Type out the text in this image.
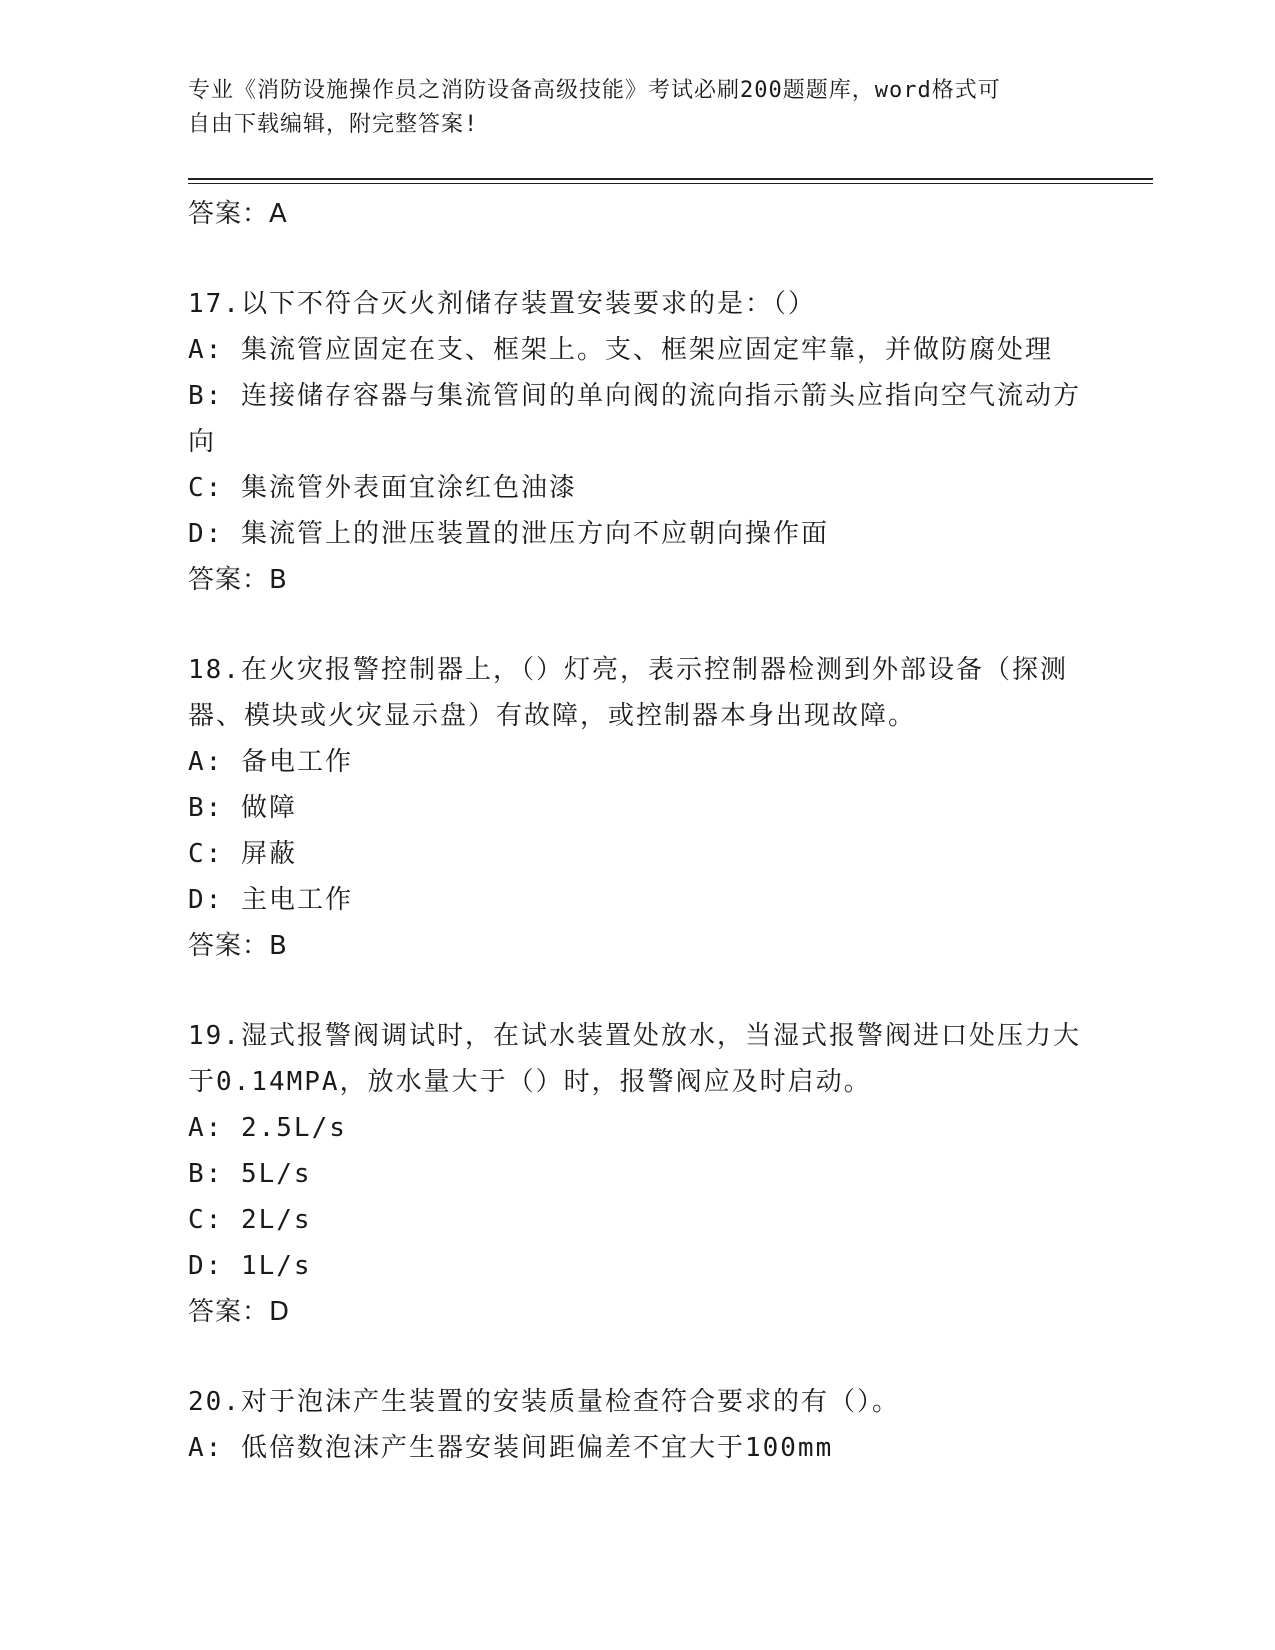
专业《消防设施操作员之消防设备高级技能》考试必刷200题题库，word格式可
自由下载编辑，附完整答案!
答案：A
17.以下不符合灭火剂储存装置安装要求的是：（）
A: 集流管应固定在支、框架上。支、框架应固定牢靠，并做防腐处理
B: 连接储存容器与集流管间的单向阀的流向指示箭头应指向空气流动方向
C: 集流管外表面宜涂红色油漆
D: 集流管上的泄压装置的泄压方向不应朝向操作面
答案：B
18.在火灾报警控制器上，（）灯亮，表示控制器检测到外部设备（探测器、模块或火灾显示盘）有故障，或控制器本身出现故障。
A: 备电工作
B: 做障
C: 屏蔽
D: 主电工作
答案：B
19.湿式报警阀调试时，在试水装置处放水，当湿式报警阀进口处压力大于0.14MPA，放水量大于（）时，报警阀应及时启动。
A: 2.5L/s
B: 5L/s
C: 2L/s
D: 1L/s
答案：D
20.对于泡沫产生装置的安装质量检查符合要求的有（）。
A: 低倍数泡沫产生器安装间距偏差不宜大于100mm
